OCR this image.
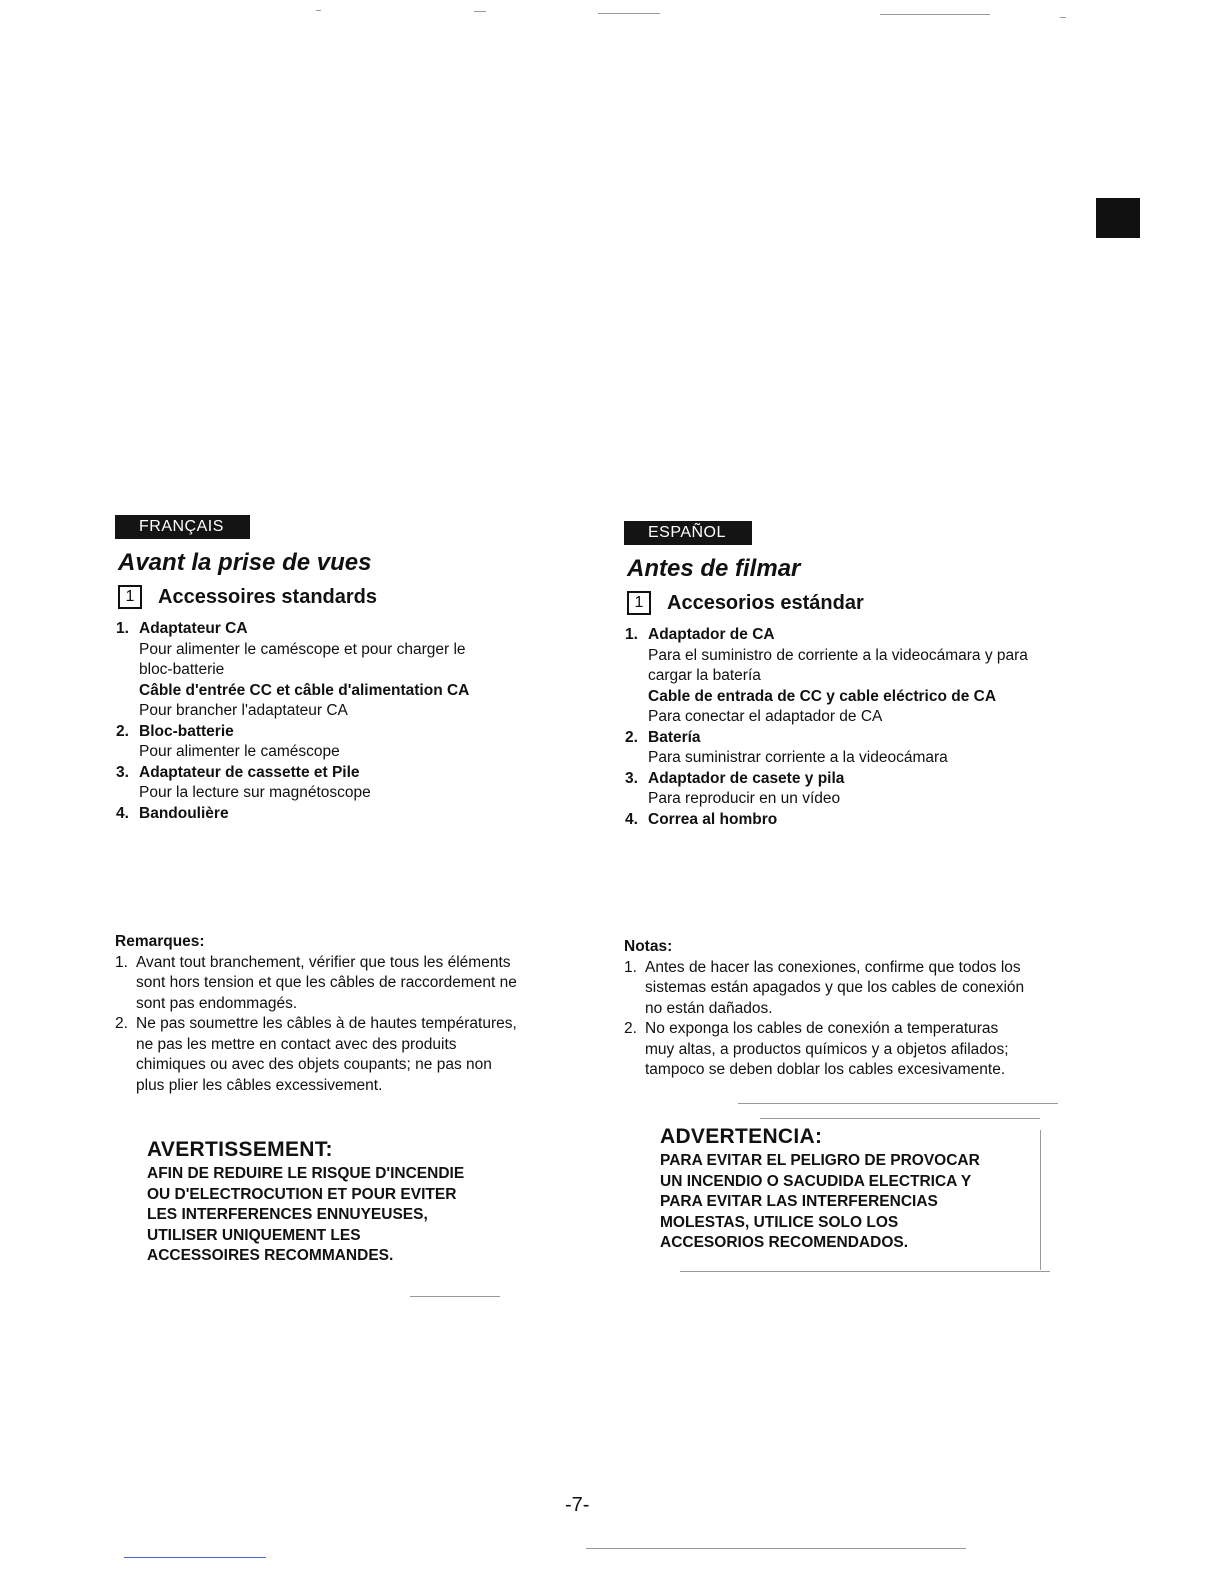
FRANÇAIS
Avant la prise de vues
1	Accessoires standards
1. Adaptateur CA
Pour alimenter le caméscope et pour charger le
bloc-batterie
Câble d'entrée CC et câble d'alimentation CA
Pour brancher l'adaptateur CA
2. Bloc-batterie
Pour alimenter le caméscope
3. Adaptateur de cassette et Pile
Pour la lecture sur magnétoscope
4. Bandoulière
Remarques:
1. Avant tout branchement, vérifier que tous les éléments
sont hors tension et que les câbles de raccordement ne
sont pas endommagés.
2. Ne pas soumettre les câbles à de hautes températures,
ne pas les mettre en contact avec des produits
chimiques ou avec des objets coupants; ne pas non
plus plier les câbles excessivement.
AVERTISSEMENT:
AFIN DE REDUIRE LE RISQUE D'INCENDIE
OU D'ELECTROCUTION ET POUR EVITER
LES INTERFERENCES ENNUYEUSES,
UTILISER UNIQUEMENT LES
ACCESSOIRES RECOMMANDES.
ESPAÑOL
Antes de filmar
1	Accesorios estándar
1. Adaptador de CA
Para el suministro de corriente a la videocámara y para
cargar la batería
Cable de entrada de CC y cable eléctrico de CA
Para conectar el adaptador de CA
2. Batería
Para suministrar corriente a la videocámara
3. Adaptador de casete y pila
Para reproducir en un vídeo
4. Correa al hombro
Notas:
1. Antes de hacer las conexiones, confirme que todos los
sistemas están apagados y que los cables de conexión
no están dañados.
2. No exponga los cables de conexión a temperaturas
muy altas, a productos químicos y a objetos afilados;
tampoco se deben doblar los cables excesivamente.
ADVERTENCIA:
PARA EVITAR EL PELIGRO DE PROVOCAR
UN INCENDIO O SACUDIDA ELECTRICA Y
PARA EVITAR LAS INTERFERENCIAS
MOLESTAS, UTILICE SOLO LOS
ACCESORIOS RECOMENDADOS.
-7-
